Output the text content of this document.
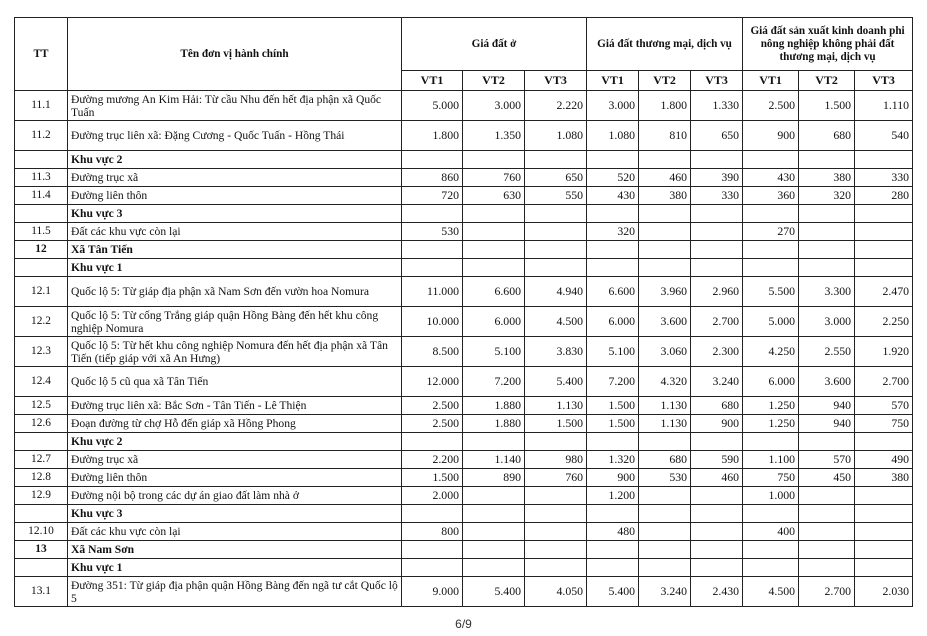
TT	Tên đơn vị hành chính	Giá đất ở			Giá đất thương mại, dịch vụ			Giá đất sản xuất kinh doanh phi nông nghiệp không phải đất thương mại, dịch vụ		
		VT1	VT2	VT3	VT1	VT2	VT3	VT1	VT2	VT3
11.1	Đường mương An Kim Hải: Từ cầu Nhu đến hết địa phận xã Quốc Tuấn	5.000	3.000	2.220	3.000	1.800	1.330	2.500	1.500	1.110
11.2	Đường trục liên xã: Đặng Cương - Quốc Tuấn - Hồng Thái	1.800	1.350	1.080	1.080	810	650	900	680	540
	Khu vực 2									
11.3	Đường trục xã	860	760	650	520	460	390	430	380	330
11.4	Đường liên thôn	720	630	550	430	380	330	360	320	280
	Khu vực 3									
11.5	Đất các khu vực còn lại	530			320			270		
12	Xã Tân Tiến									
	Khu vực 1									
12.1	Quốc lộ 5: Từ giáp địa phận xã Nam Sơn đến vườn hoa Nomura	11.000	6.600	4.940	6.600	3.960	2.960	5.500	3.300	2.470
12.2	Quốc lộ 5: Từ cống Trắng giáp quận Hồng Bàng đến hết khu công nghiệp Nomura	10.000	6.000	4.500	6.000	3.600	2.700	5.000	3.000	2.250
12.3	Quốc lộ 5: Từ hết khu công nghiệp Nomura đến hết địa phận xã Tân Tiến (tiếp giáp với xã An Hưng)	8.500	5.100	3.830	5.100	3.060	2.300	4.250	2.550	1.920
12.4	Quốc lộ 5 cũ qua xã Tân Tiến	12.000	7.200	5.400	7.200	4.320	3.240	6.000	3.600	2.700
12.5	Đường trục liên xã: Bắc Sơn - Tân Tiến - Lê Thiện	2.500	1.880	1.130	1.500	1.130	680	1.250	940	570
12.6	Đoạn đường từ chợ Hỗ đến giáp xã Hồng Phong	2.500	1.880	1.500	1.500	1.130	900	1.250	940	750
	Khu vực 2									
12.7	Đường trục xã	2.200	1.140	980	1.320	680	590	1.100	570	490
12.8	Đường liên thôn	1.500	890	760	900	530	460	750	450	380
12.9	Đường nội bộ trong các dự án giao đất làm nhà ở	2.000			1.200			1.000		
	Khu vực 3									
12.10	Đất các khu vực còn lại	800			480			400		
13	Xã Nam Sơn									
	Khu vực 1									
13.1	Đường 351: Từ giáp địa phận quận Hồng Bàng đến ngã tư cắt Quốc lộ 5	9.000	5.400	4.050	5.400	3.240	2.430	4.500	2.700	2.030
6/9
